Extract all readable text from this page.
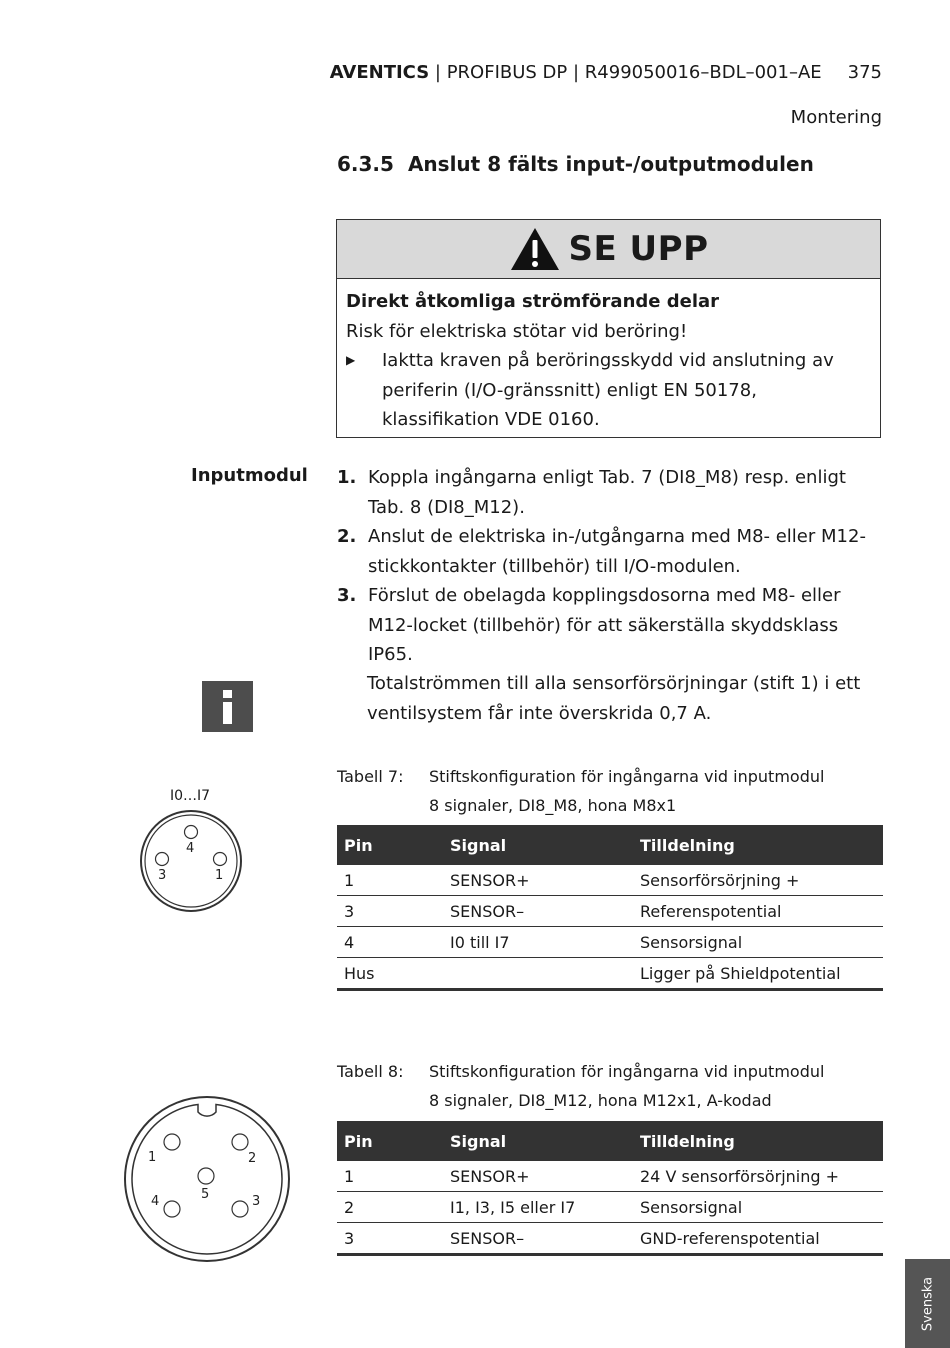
AVENTICS | PROFIBUS DP | R499050016–BDL–001–AE 375
Montering
6.3.5 Anslut 8 fälts input-/outputmodulen
SE UPP
Direkt åtkomliga strömförande delar
Risk för elektriska stötar vid beröring!
▶	Iaktta kraven på beröringsskydd vid anslutning av periferin (I/O-gränssnitt) enligt EN 50178, klassifikation VDE 0160.
Inputmodul 1. Koppla ingångarna enligt Tab. 7 (DI8_M8) resp. enligt Tab. 8 (DI8_M12).
2. Anslut de elektriska in-/utgångarna med M8- eller M12-stickkontakter (tillbehör) till I/O-modulen.
3. Förslut de obelagda kopplingsdosorna med M8- eller M12-locket (tillbehör) för att säkerställa skyddsklass IP65.
Totalströmmen till alla sensorförsörjningar (stift 1) i ett ventilsystem får inte överskrida 0,7 A.
I0…I7
4
3	1
Tabell 7: Stiftskonfiguration för ingångarna vid inputmodul
8 signaler, DI8_M8, hona M8x1
Pin	Signal	Tilldelning
1	SENSOR+	Sensorförsörjning +
3	SENSOR–	Referenspotential
4	I0 till I7	Sensorsignal
Hus		Ligger på Shieldpotential
1	2
5
4	3
Tabell 8: Stiftskonfiguration för ingångarna vid inputmodul
8 signaler, DI8_M12, hona M12x1, A-kodad
Pin	Signal	Tilldelning
1	SENSOR+	24 V sensorförsörjning +
2	I1, I3, I5 eller I7	Sensorsignal
3	SENSOR–	GND-referenspotential
Svenska
